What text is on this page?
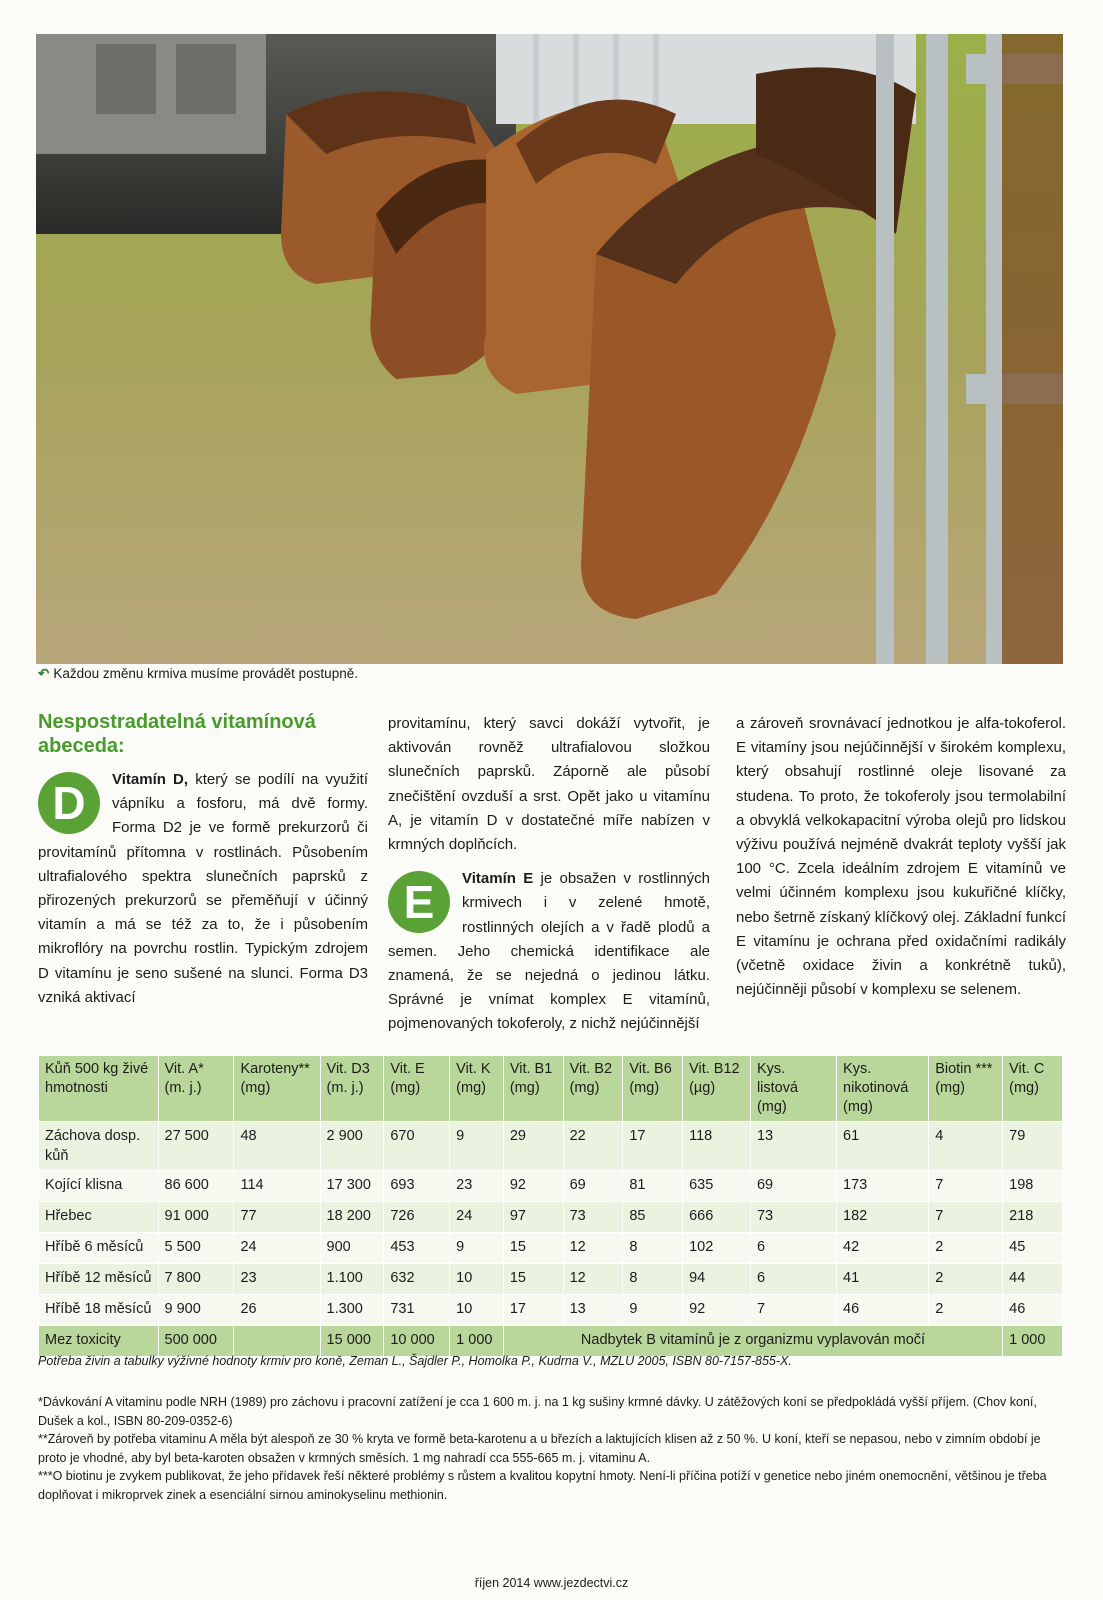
↶ Každou změnu krmiva musíme provádět postupně.
Nespostradatelná vitamínová abeceda:
D	Vitamín D, který se podílí na využití vápníku a fosforu, má dvě formy. Forma D2 je ve formě prekurzorů či provitamínů přítomna v rostlinách. Působením ultrafialového spektra slunečních paprsků z přirozených prekurzorů se přeměňují v účinný vitamín a má se též za to, že i působením mikroflóry na povrchu rostlin. Typickým zdrojem D vitamínu je seno sušené na slunci. Forma D3 vzniká aktivací
provitamínu, který savci dokáží vytvořit, je aktivován rovněž ultrafialovou složkou slunečních paprsků. Záporně ale působí znečištění ovzduší a srst. Opět jako u vitamínu A, je vitamín D v dostatečné míře nabízen v krmných doplňcích.
E	Vitamín E je obsažen v rostlinných krmivech i v zelené hmotě, rostlinných olejích a v řadě plodů a semen. Jeho chemická identifikace ale znamená, že se nejedná o jedinou látku. Správné je vnímat komplex E vitamínů, pojmenovaných tokoferoly, z nichž nejúčinnější
a zároveň srovnávací jednotkou je alfa-tokoferol. E vitamíny jsou nejúčinnější v širokém komplexu, který obsahují rostlinné oleje lisované za studena. To proto, že tokoferoly jsou termolabilní a obvyklá velkokapacitní výroba olejů pro lidskou výživu používá nejméně dvakrát teploty vyšší jak 100 °C. Zcela ideálním zdrojem E vitamínů ve velmi účinném komplexu jsou kukuřičné klíčky, nebo šetrně získaný klíčkový olej. Základní funkcí E vitamínu je ochrana před oxidačními radikály (včetně oxidace živin a konkrétně tuků), nejúčinněji působí v komplexu se selenem.
Kůň 500 kg živé hmotnosti	Vit. A* (m. j.)	Karoteny** (mg)	Vit. D3 (m. j.)	Vit. E (mg)	Vit. K (mg)	Vit. B1 (mg)	Vit. B2 (mg)	Vit. B6 (mg)	Vit. B12 (µg)	Kys. listová (mg)	Kys. nikotinová (mg)	Biotin *** (mg)	Vit. C (mg)
Záchova dosp. kůň	27 500	48	2 900	670	9	29	22	17	118	13	61	4	79
Kojící klisna	86 600	114	17 300	693	23	92	69	81	635	69	173	7	198
Hřebec	91 000	77	18 200	726	24	97	73	85	666	73	182	7	218
Hříbě 6 měsíců	5 500	24	900	453	9	15	12	8	102	6	42	2	45
Hříbě 12 měsíců	7 800	23	1.100	632	10	15	12	8	94	6	41	2	44
Hříbě 18 měsíců	9 900	26	1.300	731	10	17	13	9	92	7	46	2	46
Mez toxicity	500 000		15 000	10 000	1 000	Nadbytek B vitamínů je z organizmu vyplavován močí							1 000
Potřeba živin a tabulky výživné hodnoty krmiv pro koně, Zeman L., Šajdler P., Homolka P., Kudrna V., MZLU 2005, ISBN 80-7157-855-X.

*Dávkování A vitaminu podle NRH (1989) pro záchovu i pracovní zatížení je cca 1 600 m. j. na 1 kg sušiny krmné dávky. U zátěžových koní se předpokládá vyšší příjem. (Chov koní, Dušek a kol., ISBN 80-209-0352-6)

**Zároveň by potřeba vitaminu A měla být alespoň ze 30 % kryta ve formě beta-karotenu a u březích a laktujících klisen až z 50 %. U koní, kteří se nepasou, nebo v zimním období je proto je vhodné, aby byl beta-karoten obsažen v krmných směsích. 1 mg nahradí cca 555-665 m. j. vitaminu A.

***O biotinu je zvykem publikovat, že jeho přídavek řeší některé problémy s růstem a kvalitou kopytní hmoty. Není-li příčina potíží v genetice nebo jiném onemocnění, většinou je třeba doplňovat i mikroprvek zinek a esenciální sirnou aminokyselinu methionin.

říjen 2014 www.jezdectvi.cz
